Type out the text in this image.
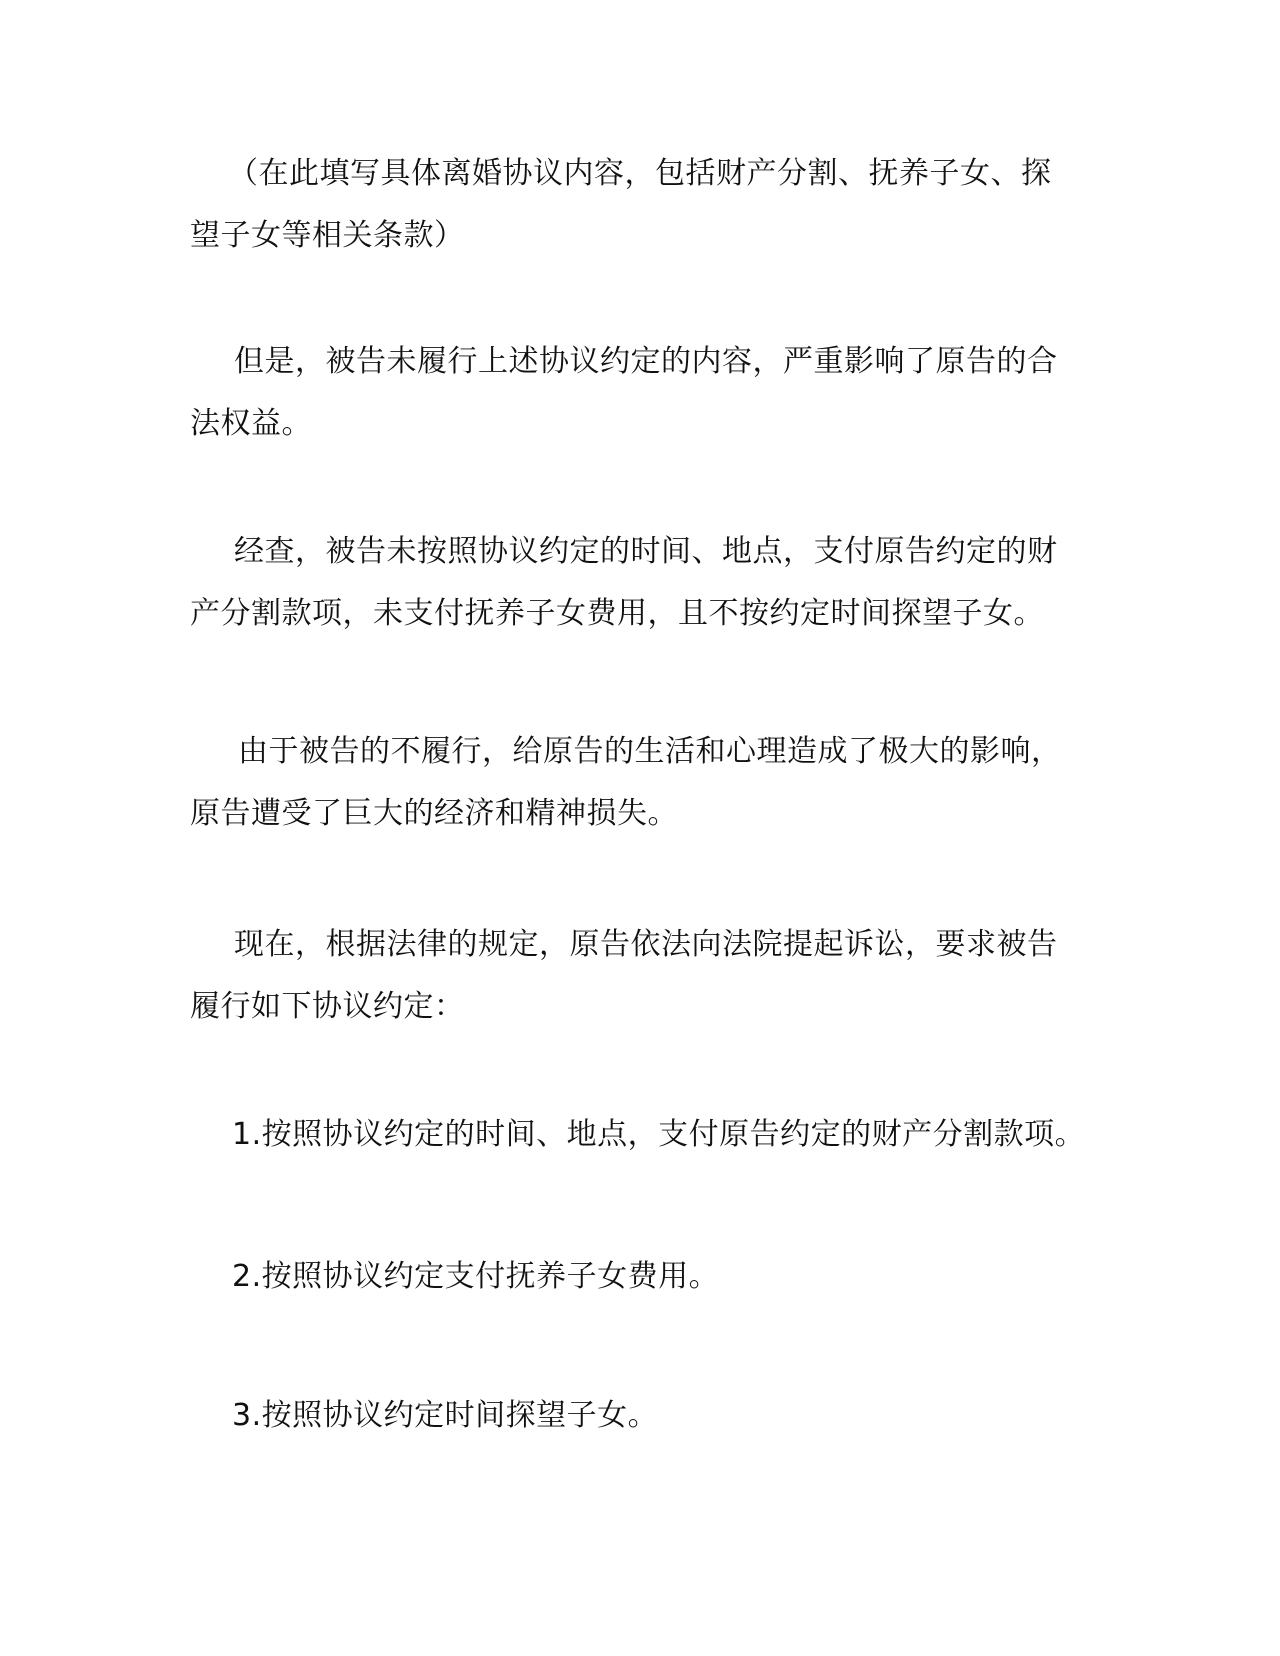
（在此填写具体离婚协议内容，包括财产分割、抚养子女、探
望子女等相关条款）
但是，被告未履行上述协议约定的内容，严重影响了原告的合
法权益。
经查，被告未按照协议约定的时间、地点，支付原告约定的财
产分割款项，未支付抚养子女费用，且不按约定时间探望子女。
由于被告的不履行，给原告的生活和心理造成了极大的影响，
原告遭受了巨大的经济和精神损失。
现在，根据法律的规定，原告依法向法院提起诉讼，要求被告
履行如下协议约定：

1.按照协议约定的时间、地点，支付原告约定的财产分割款项。

2.按照协议约定支付抚养子女费用。

3.按照协议约定时间探望子女。
